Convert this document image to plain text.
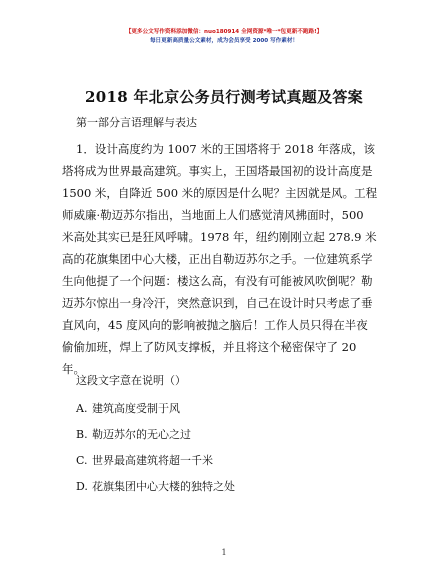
【更多公文写作资料添加微信：nuo180914 全网资源*唯一*包更新不跑路!】
每日更新高质量公文素材，成为会员享受 2000 写作素材！
2018 年北京公务员行测考试真题及答案
第一部分言语理解与表达
1．设计高度约为 1007 米的王国塔将于 2018 年落成，该
塔将成为世界最高建筑。事实上，王国塔最国初的设计高度是
1500 米，自降近 500 米的原因是什么呢？主因就是风。工程
师威廉·勒迈苏尔指出，当地面上人们感觉清风拂面时，500
米高处其实已是狂风呼啸。1978 年，纽约刚刚立起 278.9 米
高的花旗集团中心大楼，正出自勒迈苏尔之手。一位建筑系学
生向他提了一个问题：楼这么高，有没有可能被风吹倒呢？勒
迈苏尔惊出一身冷汗，突然意识到，自己在设计时只考虑了垂
直风向，45 度风向的影响被抛之脑后！工作人员只得在半夜
偷偷加班，焊上了防风支撑板，并且将这个秘密保守了 20
年。
这段文字意在说明（）
A. 建筑高度受制于风
B. 勒迈苏尔的无心之过
C. 世界最高建筑将超一千米
D. 花旗集团中心大楼的独特之处
1
